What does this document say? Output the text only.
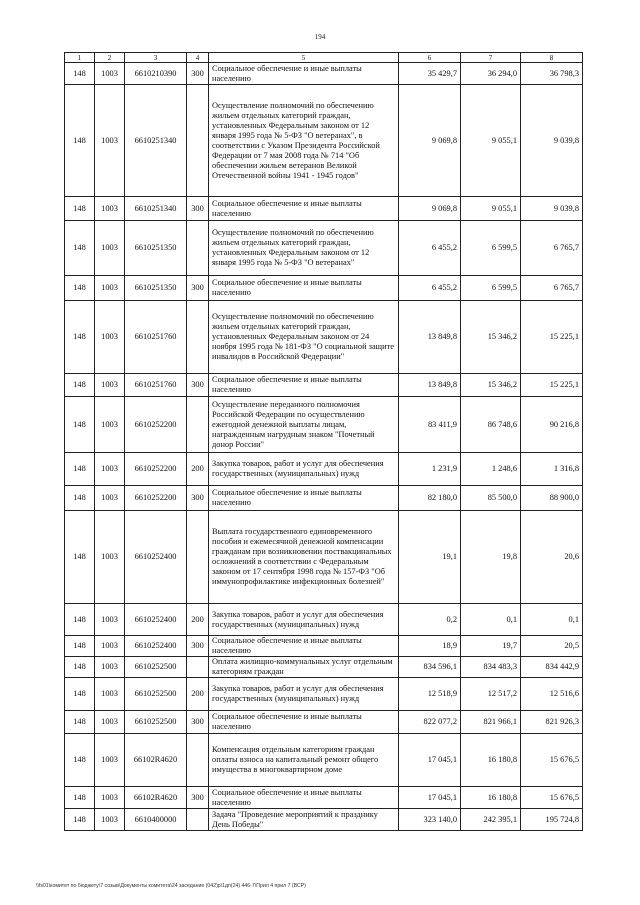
194
1	2	3	4	5	6	7	8
148	1003	6610210390	300	Социальное обеспечение и иные выплаты населению	35 429,7	36 294,0	36 798,3
148	1003	6610251340		Осуществление полномочий по обеспечению жильем отдельных категорий граждан, установленных Федеральным законом от 12 января 1995 года № 5-ФЗ "О ветеранах", в соответствии с Указом Президента Российской Федерации от 7 мая 2008 года № 714 "Об обеспечении жильем ветеранов Великой Отечественной войны 1941 - 1945 годов"	9 069,8	9 055,1	9 039,8
148	1003	6610251340	300	Социальное обеспечение и иные выплаты населению	9 069,8	9 055,1	9 039,8
148	1003	6610251350		Осуществление полномочий по обеспечению жильем отдельных категорий граждан, установленных Федеральным законом от 12 января 1995 года № 5-ФЗ "О ветеранах"	6 455,2	6 599,5	6 765,7
148	1003	6610251350	300	Социальное обеспечение и иные выплаты населению	6 455,2	6 599,5	6 765,7
148	1003	6610251760		Осуществление полномочий по обеспечению жильем отдельных категорий граждан, установленных Федеральным законом от 24 ноября 1995 года № 181-ФЗ "О социальной защите инвалидов в Российской Федерации"	13 849,8	15 346,2	15 225,1
148	1003	6610251760	300	Социальное обеспечение и иные выплаты населению	13 849,8	15 346,2	15 225,1
148	1003	6610252200		Осуществление переданного полномочия Российской Федерации по осуществлению ежегодной денежной выплаты лицам, награжденным нагрудным знаком "Почетный донор России"	83 411,9	86 748,6	90 216,8
148	1003	6610252200	200	Закупка товаров, работ и услуг для обеспечения государственных (муниципальных) нужд	1 231,9	1 248,6	1 316,8
148	1003	6610252200	300	Социальное обеспечение и иные выплаты населению	82 180,0	85 500,0	88 900,0
148	1003	6610252400		Выплата государственного единовременного пособия и ежемесячной денежной компенсации гражданам при возникновении поствакцинальных осложнений в соответствии с Федеральным законом от 17 сентября 1998 года № 157-ФЗ "Об иммунопрофилактике инфекционных болезней"	19,1	19,8	20,6
148	1003	6610252400	200	Закупка товаров, работ и услуг для обеспечения государственных (муниципальных) нужд	0,2	0,1	0,1
148	1003	6610252400	300	Социальное обеспечение и иные выплаты населению	18,9	19,7	20,5
148	1003	6610252500		Оплата жилищно-коммунальных услуг отдельным категориям граждан	834 596,1	834 483,3	834 442,9
148	1003	6610252500	200	Закупка товаров, работ и услуг для обеспечения государственных (муниципальных) нужд	12 518,9	12 517,2	12 516,6
148	1003	6610252500	300	Социальное обеспечение и иные выплаты населению	822 077,2	821 966,1	821 926,3
148	1003	66102R4620		Компенсация отдельным категориям граждан оплаты взноса на капитальный ремонт общего имущества в многоквартирном доме	17 045,1	16 180,8	15 676,5
148	1003	66102R4620	300	Социальное обеспечение и иные выплаты населению	17 045,1	16 180,8	15 676,5
148	1003	6610400000		Задача "Проведение мероприятий к празднику День Победы"	323 140,0	242 395,1	195 724,8
\\fs01\комитет по бюджету\7 созыв\Документы комитета\24 заседание (042)р\1дп(24) 446-7\Прил 4 прил 7 (ВСР)
